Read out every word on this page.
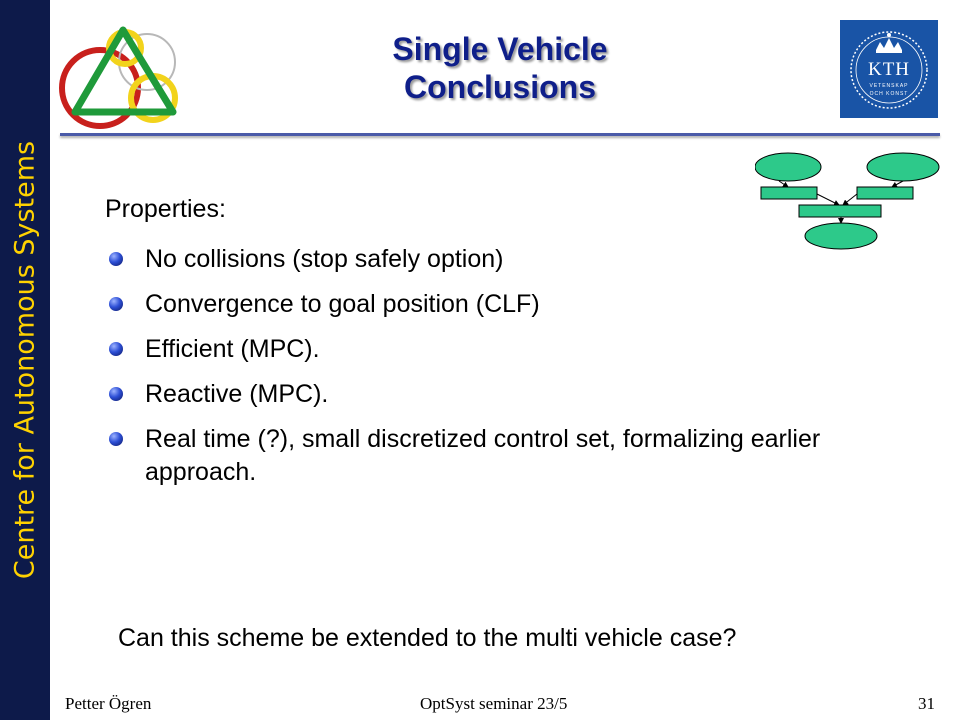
Centre for Autonomous Systems
Single Vehicle
Conclusions	KTH
VETENSKAP
OCH KONST
Properties:
No collisions (stop safely option)
Convergence to goal position (CLF)
Efficient (MPC).
Reactive (MPC).
Real time (?), small discretized control set, formalizing earlier approach.
Can this scheme be extended to the multi vehicle case?
Petter Ögren	OptSyst seminar 23/5	31
